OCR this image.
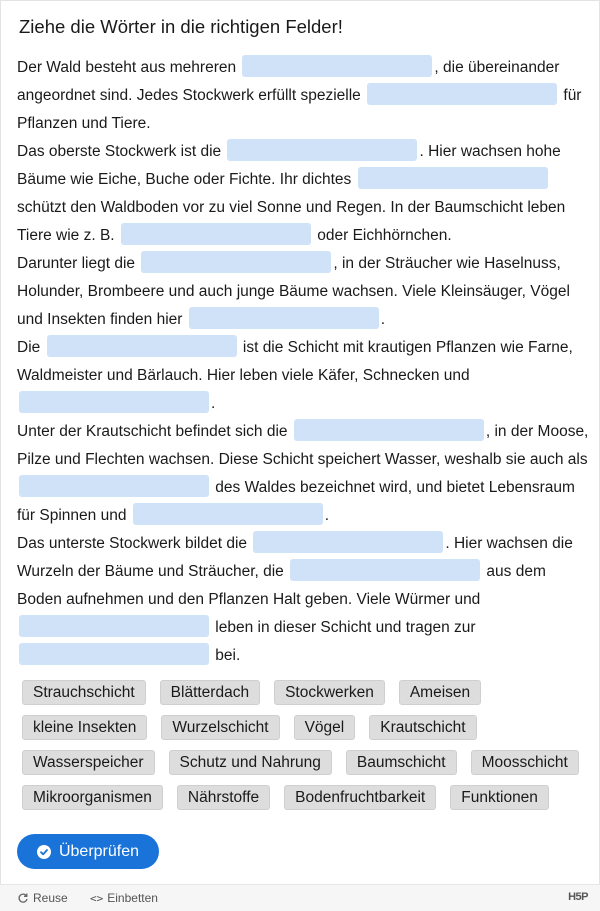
Ziehe die Wörter in die richtigen Felder!

Der Wald besteht aus mehreren	, die übereinander angeordnet sind. Jedes Stockwerk erfüllt spezielle	für Pflanzen und Tiere.

Das oberste Stockwerk ist die	. Hier wachsen hohe Bäume wie Eiche, Buche oder Fichte. Ihr dichtes  schützt den Waldboden vor zu viel Sonne und Regen. In der Baumschicht leben Tiere wie z. B.	oder Eichhörnchen.

Darunter liegt die	, in der Sträucher wie Haselnuss, Holunder, Brombeere und auch junge Bäume wachsen. Viele Kleinsäuger, Vögel und Insekten finden hier	.

Die	ist die Schicht mit krautigen Pflanzen wie Farne, Waldmeister und Bärlauch. Hier leben viele Käfer, Schnecken und .

Unter der Krautschicht befindet sich die	, in der Moose, Pilze und Flechten wachsen. Diese Schicht speichert Wasser, weshalb sie auch als  des Waldes bezeichnet wird, und bietet Lebensraum für Spinnen und	.

Das unterste Stockwerk bildet die	. Hier wachsen die Wurzeln der Bäume und Sträucher, die	aus dem Boden aufnehmen und den Pflanzen Halt geben. Viele Würmer und  leben in dieser Schicht und tragen zur  bei.

Strauchschicht	Blätterdach	Stockwerken	Ameisen
kleine Insekten	Wurzelschicht	Vögel	Krautschicht
Wasserspeicher	Schutz und Nahrung	Baumschicht	Moosschicht
Mikroorganismen	Nährstoffe	Bodenfruchtbarkeit	Funktionen
Überprüfen
Reuse <> Einbetten	H5P
